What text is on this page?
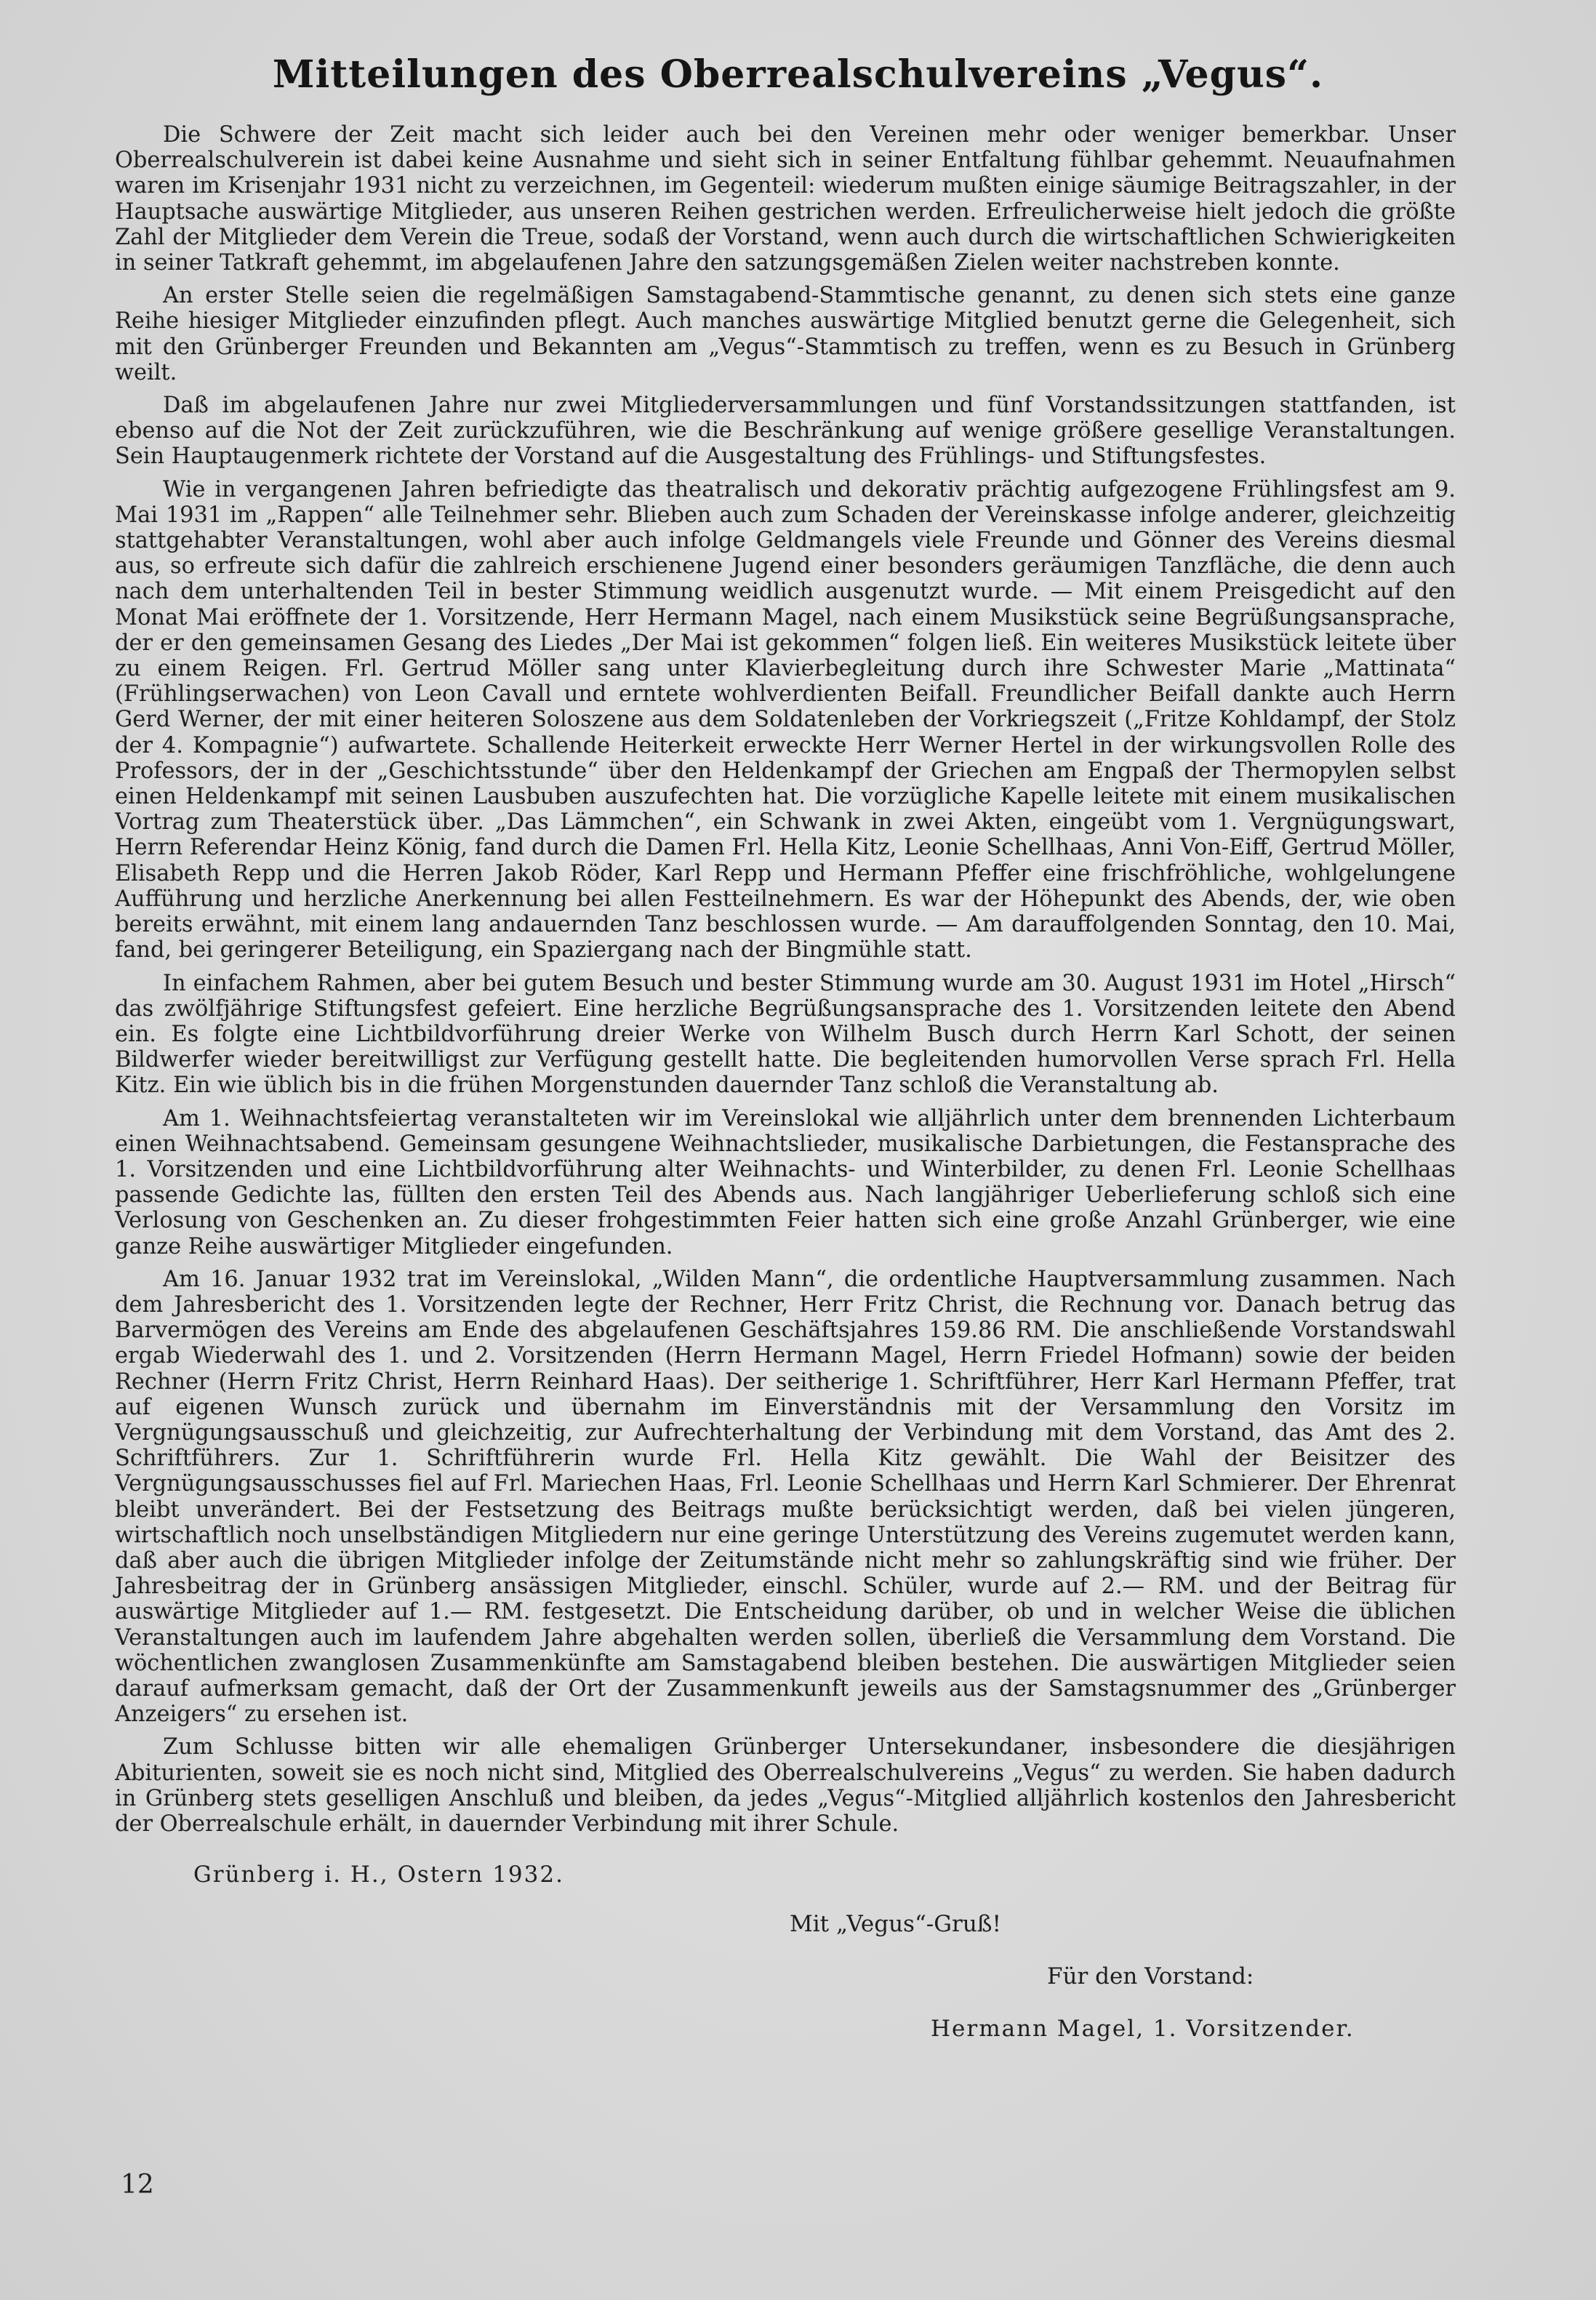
Mitteilungen des Oberrealschulvereins „Vegus“.

Die Schwere der Zeit macht sich leider auch bei den Vereinen mehr oder weniger bemerkbar. Unser Oberrealschulverein ist dabei keine Ausnahme und sieht sich in seiner Entfaltung fühlbar gehemmt. Neuaufnahmen waren im Krisenjahr 1931 nicht zu verzeichnen, im Gegenteil: wiederum mußten einige säumige Beitragszahler, in der Hauptsache auswärtige Mitglieder, aus unseren Reihen gestrichen werden. Erfreulicherweise hielt jedoch die größte Zahl der Mitglieder dem Verein die Treue, sodaß der Vorstand, wenn auch durch die wirtschaftlichen Schwierigkeiten in seiner Tatkraft gehemmt, im abgelaufenen Jahre den satzungsgemäßen Zielen weiter nachstreben konnte.

An erster Stelle seien die regelmäßigen Samstagabend-Stammtische genannt, zu denen sich stets eine ganze Reihe hiesiger Mitglieder einzufinden pflegt. Auch manches auswärtige Mitglied benutzt gerne die Gelegenheit, sich mit den Grünberger Freunden und Bekannten am „Vegus“-Stammtisch zu treffen, wenn es zu Besuch in Grünberg weilt.

Daß im abgelaufenen Jahre nur zwei Mitgliederversammlungen und fünf Vorstandssitzungen stattfanden, ist ebenso auf die Not der Zeit zurückzuführen, wie die Beschränkung auf wenige größere gesellige Veranstaltungen. Sein Hauptaugenmerk richtete der Vorstand auf die Ausgestaltung des Frühlings- und Stiftungsfestes.

Wie in vergangenen Jahren befriedigte das theatralisch und dekorativ prächtig aufgezogene Frühlingsfest am 9. Mai 1931 im „Rappen“ alle Teilnehmer sehr. Blieben auch zum Schaden der Vereinskasse infolge anderer, gleichzeitig stattgehabter Veranstaltungen, wohl aber auch infolge Geldmangels viele Freunde und Gönner des Vereins diesmal aus, so erfreute sich dafür die zahlreich erschienene Jugend einer besonders geräumigen Tanzfläche, die denn auch nach dem unterhaltenden Teil in bester Stimmung weidlich ausgenutzt wurde. — Mit einem Preisgedicht auf den Monat Mai eröffnete der 1. Vorsitzende, Herr Hermann Magel, nach einem Musikstück seine Begrüßungsansprache, der er den gemeinsamen Gesang des Liedes „Der Mai ist gekommen“ folgen ließ. Ein weiteres Musikstück leitete über zu einem Reigen. Frl. Gertrud Möller sang unter Klavierbegleitung durch ihre Schwester Marie „Mattinata“ (Frühlingserwachen) von Leon Cavall und erntete wohlverdienten Beifall. Freundlicher Beifall dankte auch Herrn Gerd Werner, der mit einer heiteren Soloszene aus dem Soldatenleben der Vorkriegszeit („Fritze Kohldampf, der Stolz der 4. Kompagnie“) aufwartete. Schallende Heiterkeit erweckte Herr Werner Hertel in der wirkungsvollen Rolle des Professors, der in der „Geschichtsstunde“ über den Heldenkampf der Griechen am Engpaß der Thermopylen selbst einen Heldenkampf mit seinen Lausbuben auszufechten hat. Die vorzügliche Kapelle leitete mit einem musikalischen Vortrag zum Theaterstück über. „Das Lämmchen“, ein Schwank in zwei Akten, eingeübt vom 1. Vergnügungswart, Herrn Referendar Heinz König, fand durch die Damen Frl. Hella Kitz, Leonie Schellhaas, Anni Von-Eiff, Gertrud Möller, Elisabeth Repp und die Herren Jakob Röder, Karl Repp und Hermann Pfeffer eine frischfröhliche, wohlgelungene Aufführung und herzliche Anerkennung bei allen Festteilnehmern. Es war der Höhepunkt des Abends, der, wie oben bereits erwähnt, mit einem lang andauernden Tanz beschlossen wurde. — Am darauffolgenden Sonntag, den 10. Mai, fand, bei geringerer Beteiligung, ein Spaziergang nach der Bingmühle statt.

In einfachem Rahmen, aber bei gutem Besuch und bester Stimmung wurde am 30. August 1931 im Hotel „Hirsch“ das zwölfjährige Stiftungsfest gefeiert. Eine herzliche Begrüßungsansprache des 1. Vorsitzenden leitete den Abend ein. Es folgte eine Lichtbildvorführung dreier Werke von Wilhelm Busch durch Herrn Karl Schott, der seinen Bildwerfer wieder bereitwilligst zur Verfügung gestellt hatte. Die begleitenden humorvollen Verse sprach Frl. Hella Kitz. Ein wie üblich bis in die frühen Morgenstunden dauernder Tanz schloß die Veranstaltung ab.

Am 1. Weihnachtsfeiertag veranstalteten wir im Vereinslokal wie alljährlich unter dem brennenden Lichterbaum einen Weihnachtsabend. Gemeinsam gesungene Weihnachtslieder, musikalische Darbietungen, die Festansprache des 1. Vorsitzenden und eine Lichtbildvorführung alter Weihnachts- und Winterbilder, zu denen Frl. Leonie Schellhaas passende Gedichte las, füllten den ersten Teil des Abends aus. Nach langjähriger Ueberlieferung schloß sich eine Verlosung von Geschenken an. Zu dieser frohgestimmten Feier hatten sich eine große Anzahl Grünberger, wie eine ganze Reihe auswärtiger Mitglieder eingefunden.

Am 16. Januar 1932 trat im Vereinslokal, „Wilden Mann“, die ordentliche Hauptversammlung zusammen. Nach dem Jahresbericht des 1. Vorsitzenden legte der Rechner, Herr Fritz Christ, die Rechnung vor. Danach betrug das Barvermögen des Vereins am Ende des abgelaufenen Geschäftsjahres 159.86 RM. Die anschließende Vorstandswahl ergab Wiederwahl des 1. und 2. Vorsitzenden (Herrn Hermann Magel, Herrn Friedel Hofmann) sowie der beiden Rechner (Herrn Fritz Christ, Herrn Reinhard Haas). Der seitherige 1. Schriftführer, Herr Karl Hermann Pfeffer, trat auf eigenen Wunsch zurück und übernahm im Einverständnis mit der Versammlung den Vorsitz im Vergnügungsausschuß und gleichzeitig, zur Aufrechterhaltung der Verbindung mit dem Vorstand, das Amt des 2. Schriftführers. Zur 1. Schriftführerin wurde Frl. Hella Kitz gewählt. Die Wahl der Beisitzer des Vergnügungsausschusses fiel auf Frl. Mariechen Haas, Frl. Leonie Schellhaas und Herrn Karl Schmierer. Der Ehrenrat bleibt unverändert. Bei der Festsetzung des Beitrags mußte berücksichtigt werden, daß bei vielen jüngeren, wirtschaftlich noch unselbständigen Mitgliedern nur eine geringe Unterstützung des Vereins zugemutet werden kann, daß aber auch die übrigen Mitglieder infolge der Zeitumstände nicht mehr so zahlungskräftig sind wie früher. Der Jahresbeitrag der in Grünberg ansässigen Mitglieder, einschl. Schüler, wurde auf 2.— RM. und der Beitrag für auswärtige Mitglieder auf 1.— RM. festgesetzt. Die Entscheidung darüber, ob und in welcher Weise die üblichen Veranstaltungen auch im laufendem Jahre abgehalten werden sollen, überließ die Versammlung dem Vorstand. Die wöchentlichen zwanglosen Zusammenkünfte am Samstagabend bleiben bestehen. Die auswärtigen Mitglieder seien darauf aufmerksam gemacht, daß der Ort der Zusammenkunft jeweils aus der Samstagsnummer des „Grünberger Anzeigers“ zu ersehen ist.

Zum Schlusse bitten wir alle ehemaligen Grünberger Untersekundaner, insbesondere die diesjährigen Abiturienten, soweit sie es noch nicht sind, Mitglied des Oberrealschulvereins „Vegus“ zu werden. Sie haben dadurch in Grünberg stets geselligen Anschluß und bleiben, da jedes „Vegus“-Mitglied alljährlich kostenlos den Jahresbericht der Oberrealschule erhält, in dauernder Verbindung mit ihrer Schule.

Grünberg i. H., Ostern 1932.
Mit „Vegus“-Gruß!
Für den Vorstand:
Hermann Magel, 1. Vorsitzender.
12
